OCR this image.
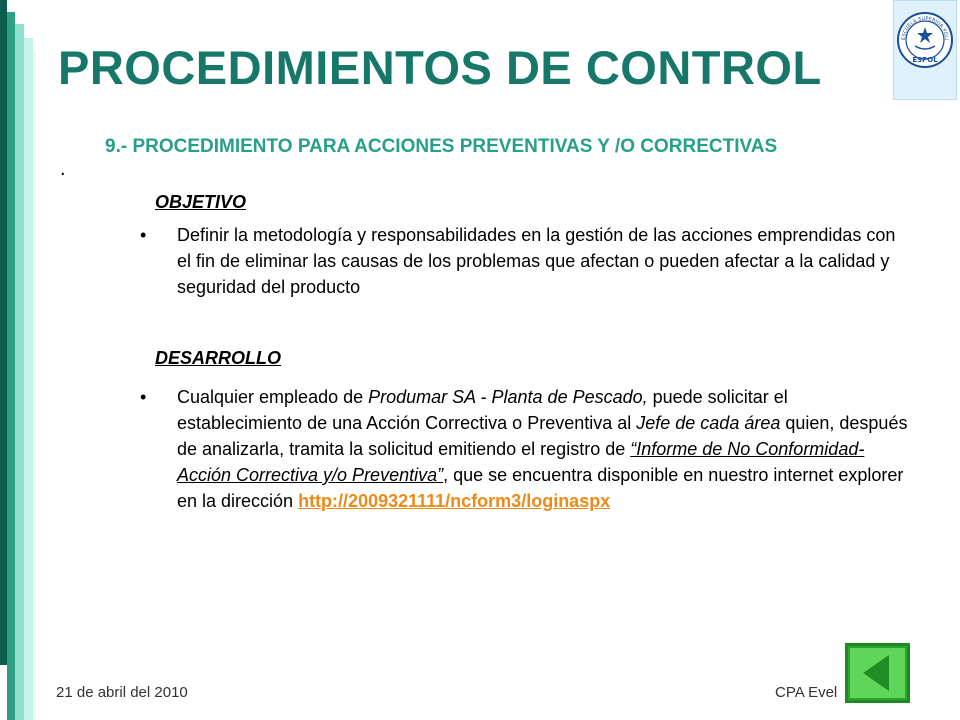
PROCEDIMIENTOS DE CONTROL
ESCUELA SUPERIOR POLI
ESPOL
9.- PROCEDIMIENTO PARA ACCIONES PREVENTIVAS Y /O CORRECTIVAS
.
OBJETIVO
•	Definir la metodología y responsabilidades en la gestión de las acciones emprendidas con el fin de eliminar las causas de los problemas que afectan o pueden afectar a la calidad y seguridad del producto
DESARROLLO
•	Cualquier empleado de Produmar SA - Planta de Pescado, puede solicitar el establecimiento de una Acción Correctiva o Preventiva al Jefe de cada área quien, después de analizarla, tramita la solicitud emitiendo el registro de “Informe de No Conformidad-Acción Correctiva y/o Preventiva”, que se encuentra disponible en nuestro internet explorer en la dirección http://2009321111/ncform3/loginaspx
21 de abril del 2010	CPA Evel
